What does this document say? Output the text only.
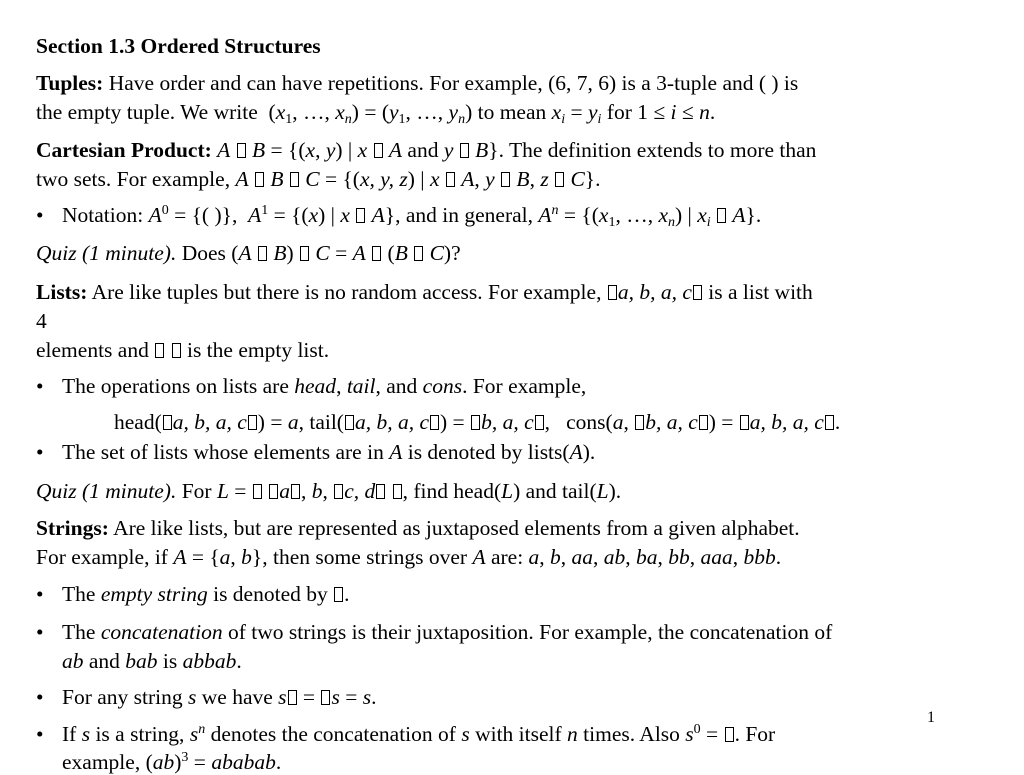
Section 1.3 Ordered Structures
Tuples: Have order and can have repetitions. For example, (6, 7, 6) is a 3-tuple and ( ) is
the empty tuple. We write  ($x_1$, …, $x_n) = (y_1$, …, $y_n$) to mean $x_i = y_i$ for 1 ≤ i ≤ n.
Cartesian Product: A B = {(x, y) | x A and y B}. The definition extends to more than
two sets. For example, A B C = {(x, y, z) | x A, y B, z C}.
• Notation: $A^0$ = {( )},  $A^1 = \{(x)$ | x A}, and in general, $A^n = \{(x_1$, …, $x_n$) | $x_i$ A}.
Quiz (1 minute). Does (A B)  C = A  (B C)?
Lists: Are like tuples but there is no random access. For example, a, b, a, c is a list with
4
elements and   is the empty list.
• The operations on lists are head, tail, and cons. For example,
head( a, b, a, c ) = a, tail( a, b, a, c ) = b, a, c ,   cons(a, b, a, c ) = a, b, a, c .
• The set of lists whose elements are in A is denoted by lists(A).
Quiz (1 minute). For L =  a , b, c, d , find head(L) and tail(L).
Strings: Are like lists, but are represented as juxtaposed elements from a given alphabet.
For example, if A = {a, b}, then some strings over A are: a, b, aa, ab, ba, bb, aaa, bbb.
• The empty string is denoted by .
• The concatenation of two strings is their juxtaposition. For example, the concatenation of
ab and bab is abbab.
• For any string s we have s = s = s.
• If s is a string, $s^n$ denotes the concatenation of s with itself n times. Also $s^0$ = . For
example, (ab)$^3$ = ababab.
1
